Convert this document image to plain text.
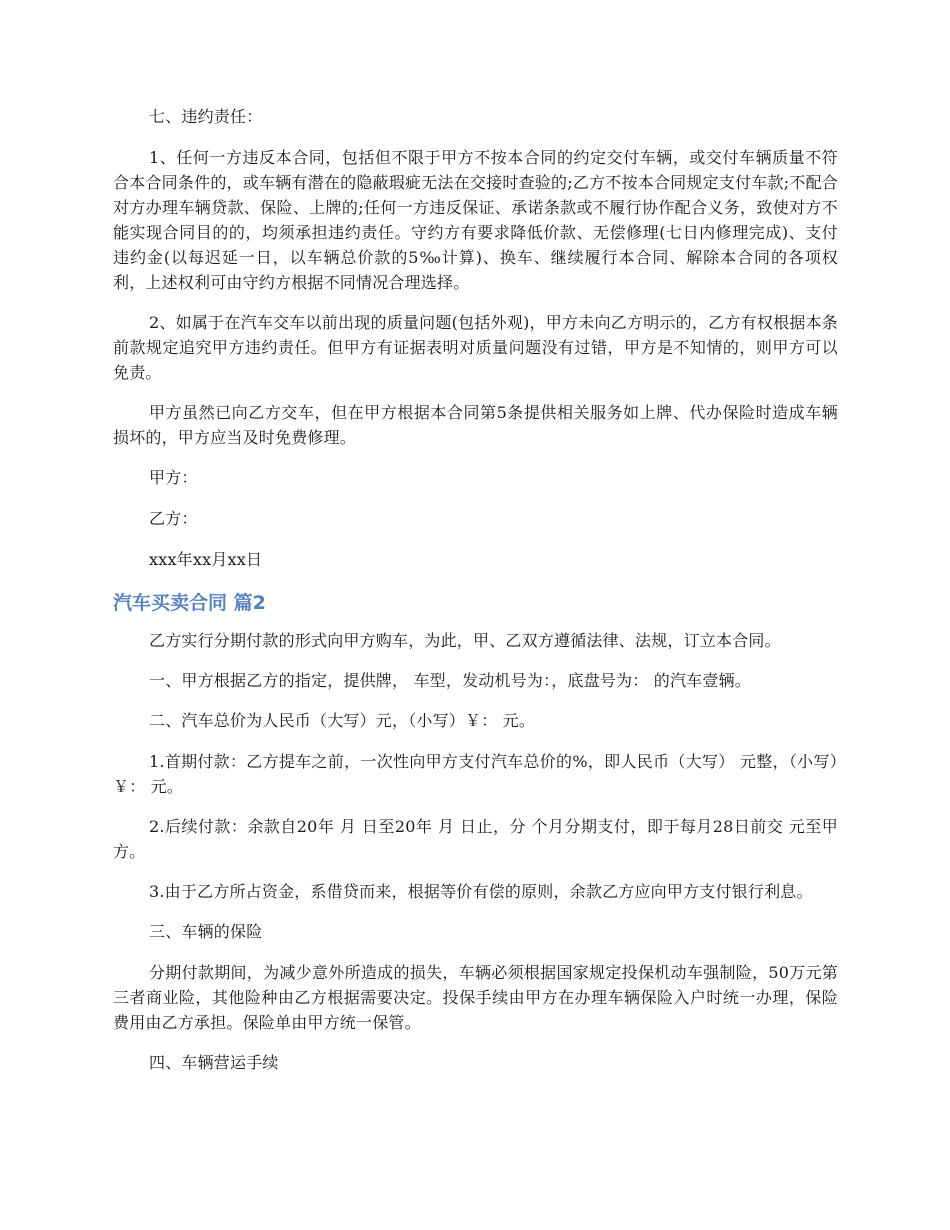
七、违约责任：

1、任何一方违反本合同，包括但不限于甲方不按本合同的约定交付车辆，或交付车辆质量不符合本合同条件的，或车辆有潜在的隐蔽瑕疵无法在交接时查验的;乙方不按本合同规定支付车款;不配合对方办理车辆贷款、保险、上牌的;任何一方违反保证、承诺条款或不履行协作配合义务，致使对方不能实现合同目的的，均须承担违约责任。守约方有要求降低价款、无偿修理(七日内修理完成)、支付违约金(以每迟延一日，以车辆总价款的5‰计算)、换车、继续履行本合同、解除本合同的各项权利，上述权利可由守约方根据不同情况合理选择。

2、如属于在汽车交车以前出现的质量问题(包括外观)，甲方未向乙方明示的，乙方有权根据本条前款规定追究甲方违约责任。但甲方有证据表明对质量问题没有过错，甲方是不知情的，则甲方可以免责。

甲方虽然已向乙方交车，但在甲方根据本合同第5条提供相关服务如上牌、代办保险时造成车辆损坏的，甲方应当及时免费修理。

甲方：

乙方：

xxx年xx月xx日

汽车买卖合同 篇2

乙方实行分期付款的形式向甲方购车，为此，甲、乙双方遵循法律、法规，订立本合同。

一、甲方根据乙方的指定，提供牌， 车型，发动机号为：，底盘号为： 的汽车壹辆。

二、汽车总价为人民币（大写）元，（小写）￥： 元。

1.首期付款：乙方提车之前，一次性向甲方支付汽车总价的%，即人民币（大写） 元整，（小写）￥： 元。

2.后续付款：余款自20年 月 日至20年 月 日止，分 个月分期支付，即于每月28日前交 元至甲方。

3.由于乙方所占资金，系借贷而来，根据等价有偿的原则，余款乙方应向甲方支付银行利息。

三、车辆的保险

分期付款期间，为减少意外所造成的损失，车辆必须根据国家规定投保机动车强制险，50万元第三者商业险，其他险种由乙方根据需要决定。投保手续由甲方在办理车辆保险入户时统一办理，保险费用由乙方承担。保险单由甲方统一保管。

四、车辆营运手续
